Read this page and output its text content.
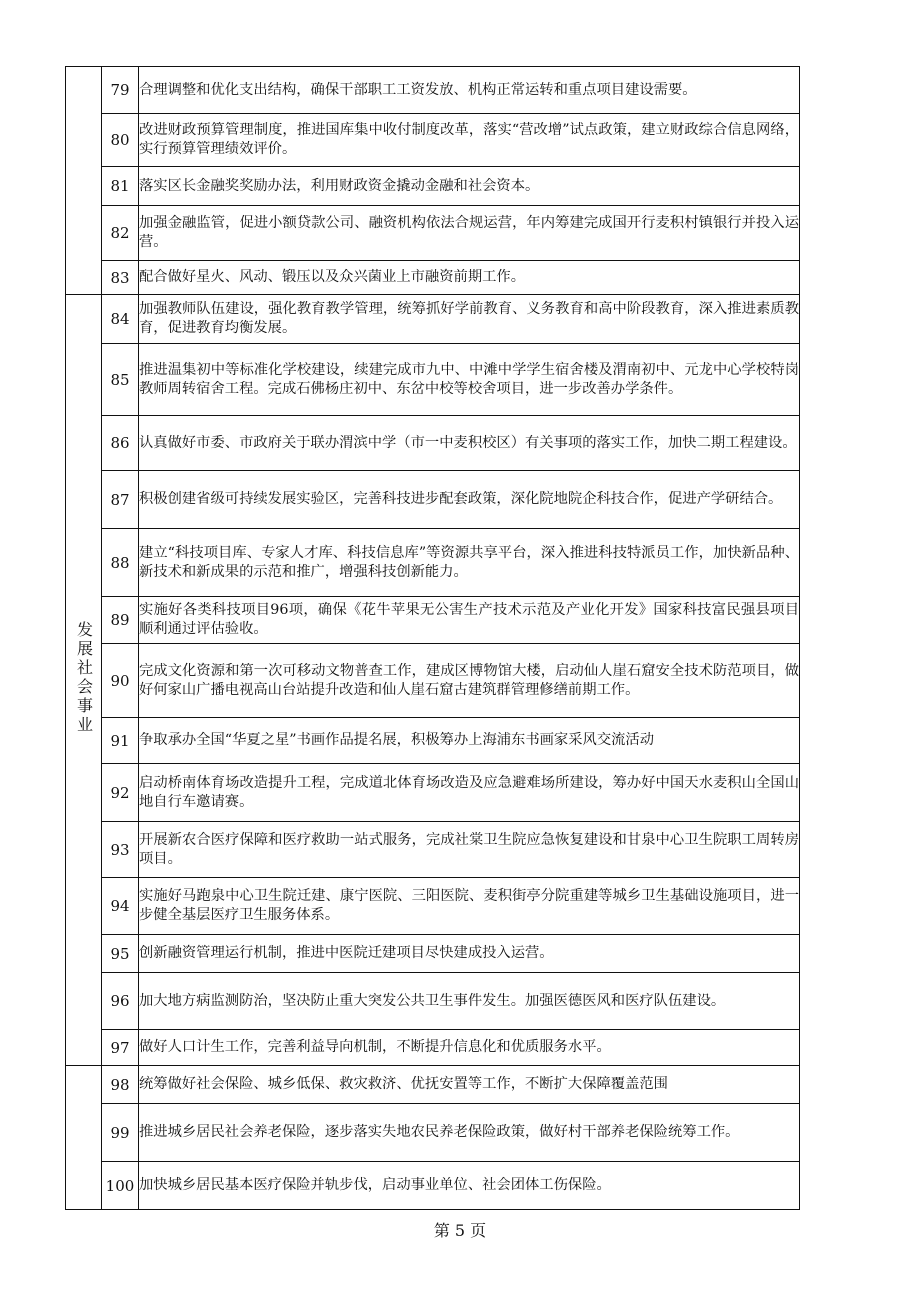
	79	合理调整和优化支出结构，确保干部职工工资发放、机构正常运转和重点项目建设需要。
	80	改进财政预算管理制度，推进国库集中收付制度改革，落实“营改增”试点政策，建立财政综合信息网络，实行预算管理绩效评价。
	81	落实区长金融奖奖励办法，利用财政资金撬动金融和社会资本。
	82	加强金融监管，促进小额贷款公司、融资机构依法合规运营，年内筹建完成国开行麦积村镇银行并投入运营。
	83	配合做好星火、风动、锻压以及众兴菌业上市融资前期工作。
发展社会事业	84	加强教师队伍建设，强化教育教学管理，统筹抓好学前教育、义务教育和高中阶段教育，深入推进素质教育，促进教育均衡发展。
	85	推进温集初中等标准化学校建设，续建完成市九中、中滩中学学生宿舍楼及渭南初中、元龙中心学校特岗教师周转宿舍工程。完成石佛杨庄初中、东岔中校等校舍项目，进一步改善办学条件。
	86	认真做好市委、市政府关于联办渭滨中学（市一中麦积校区）有关事项的落实工作，加快二期工程建设。
	87	积极创建省级可持续发展实验区，完善科技进步配套政策，深化院地院企科技合作，促进产学研结合。
	88	建立“科技项目库、专家人才库、科技信息库”等资源共享平台，深入推进科技特派员工作，加快新品种、新技术和新成果的示范和推广，增强科技创新能力。
	89	实施好各类科技项目96项，确保《花牛苹果无公害生产技术示范及产业化开发》国家科技富民强县项目顺利通过评估验收。
	90	完成文化资源和第一次可移动文物普查工作，建成区博物馆大楼，启动仙人崖石窟安全技术防范项目，做好何家山广播电视高山台站提升改造和仙人崖石窟古建筑群管理修缮前期工作。
	91	争取承办全国“华夏之星”书画作品提名展，积极筹办上海浦东书画家采风交流活动
	92	启动桥南体育场改造提升工程，完成道北体育场改造及应急避难场所建设，筹办好中国天水麦积山全国山地自行车邀请赛。
	93	开展新农合医疗保障和医疗救助一站式服务，完成社棠卫生院应急恢复建设和甘泉中心卫生院职工周转房项目。
	94	实施好马跑泉中心卫生院迁建、康宁医院、三阳医院、麦积街亭分院重建等城乡卫生基础设施项目，进一步健全基层医疗卫生服务体系。
	95	创新融资管理运行机制，推进中医院迁建项目尽快建成投入运营。
	96	加大地方病监测防治，坚决防止重大突发公共卫生事件发生。加强医德医风和医疗队伍建设。
	97	做好人口计生工作，完善利益导向机制，不断提升信息化和优质服务水平。
	98	统筹做好社会保险、城乡低保、救灾救济、优抚安置等工作，不断扩大保障覆盖范围
	99	推进城乡居民社会养老保险，逐步落实失地农民养老保险政策，做好村干部养老保险统筹工作。
	100	加快城乡居民基本医疗保险并轨步伐，启动事业单位、社会团体工伤保险。
第 5 页
